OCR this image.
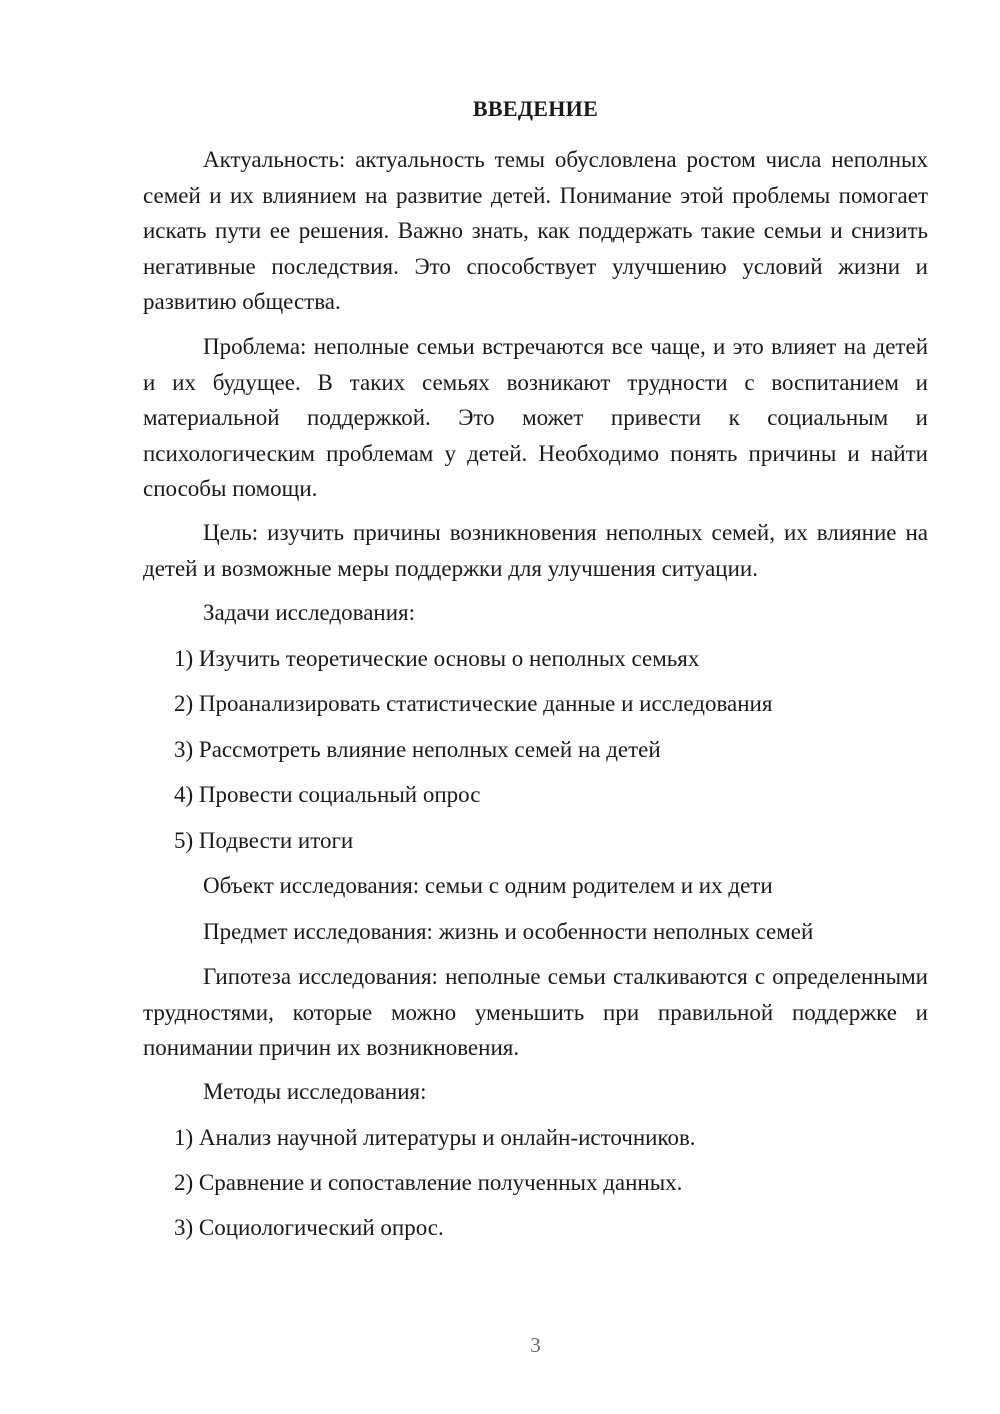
ВВЕДЕНИЕ

Актуальность: актуальность темы обусловлена ростом числа неполных семей и их влиянием на развитие детей. Понимание этой проблемы помогает искать пути ее решения. Важно знать, как поддержать такие семьи и снизить негативные последствия. Это способствует улучшению условий жизни и развитию общества.

Проблема: неполные семьи встречаются все чаще, и это влияет на детей и их будущее. В таких семьях возникают трудности с воспитанием и материальной поддержкой. Это может привести к социальным и психологическим проблемам у детей. Необходимо понять причины и найти способы помощи.

Цель: изучить причины возникновения неполных семей, их влияние на детей и возможные меры поддержки для улучшения ситуации.

Задачи исследования:

1) Изучить теоретические основы о неполных семьях

2) Проанализировать статистические данные и исследования

3) Рассмотреть влияние неполных семей на детей

4) Провести социальный опрос

5) Подвести итоги

Объект исследования: семьи с одним родителем и их дети

Предмет исследования: жизнь и особенности неполных семей

Гипотеза исследования: неполные семьи сталкиваются с определенными трудностями, которые можно уменьшить при правильной поддержке и понимании причин их возникновения.

Методы исследования:

1) Анализ научной литературы и онлайн-источников.

2) Сравнение и сопоставление полученных данных.

3) Социологический опрос.

3
